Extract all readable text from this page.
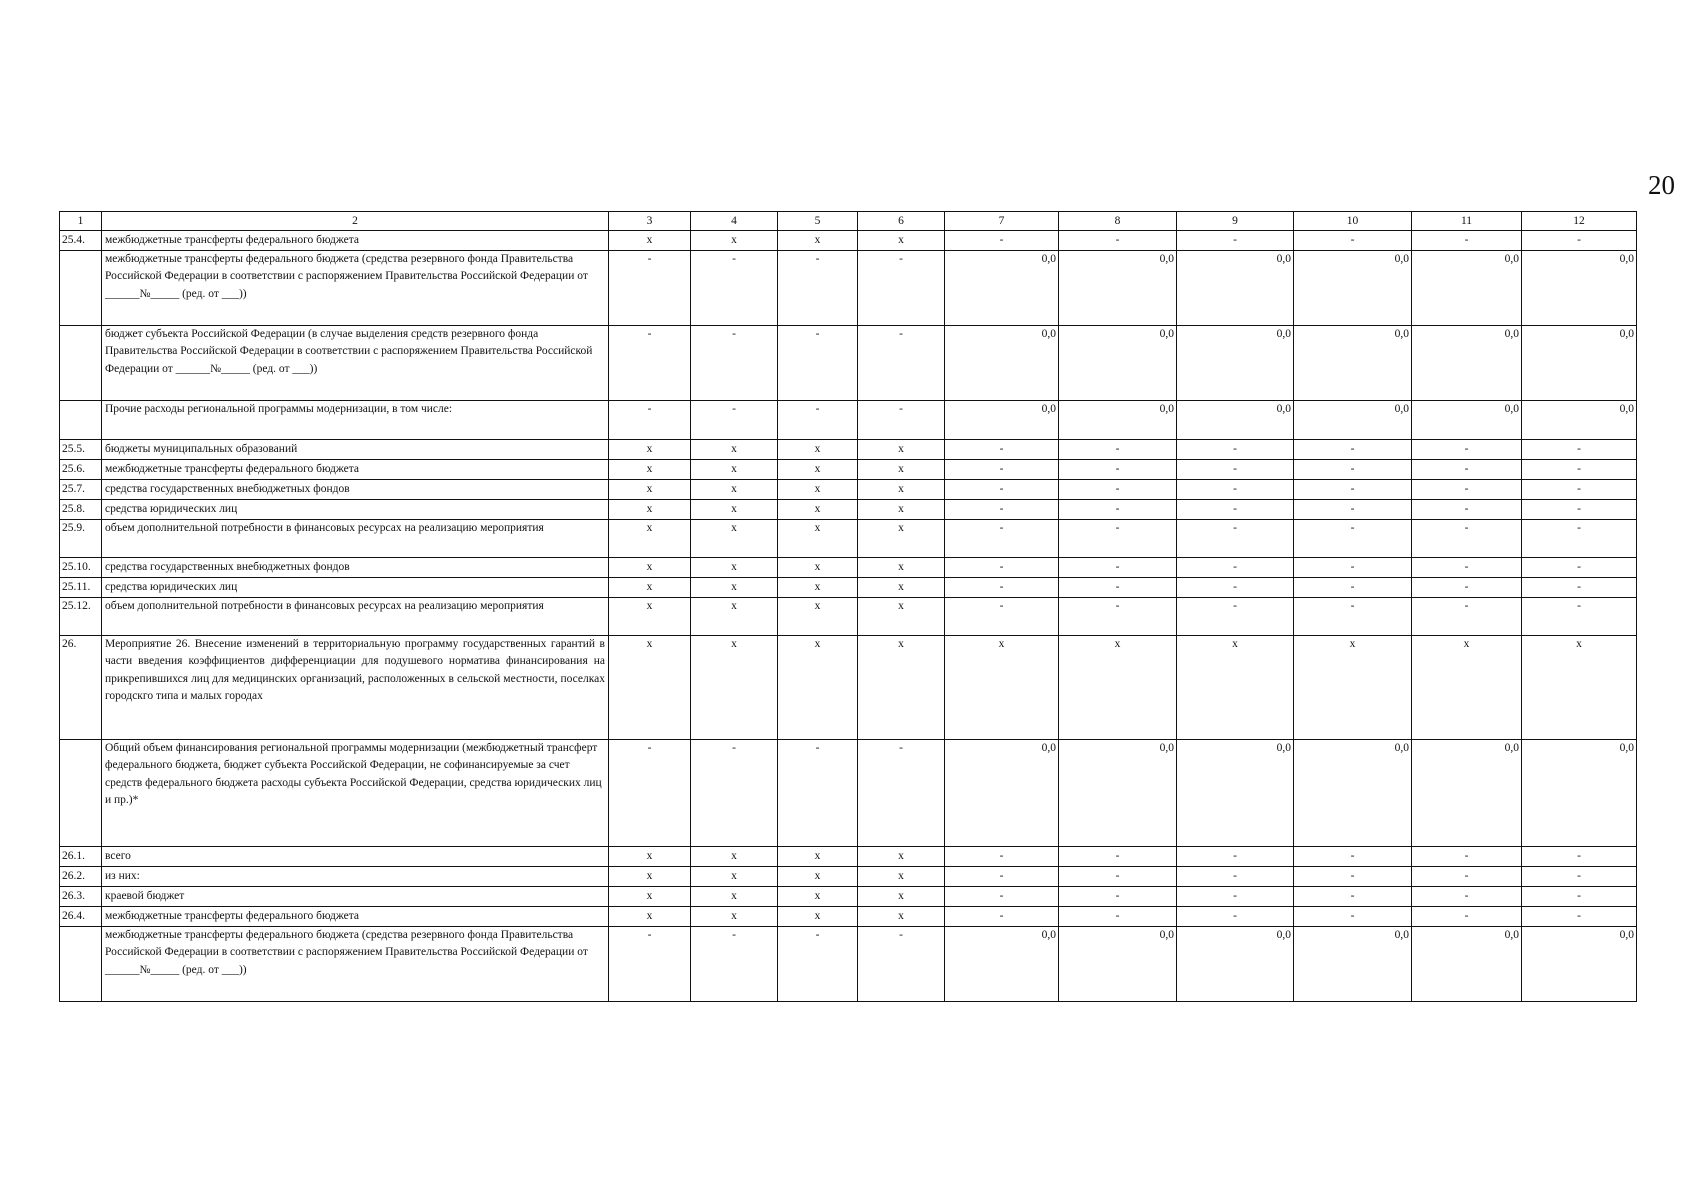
20
1	2	3	4	5	6	7	8	9	10	11	12
25.4.	межбюджетные трансферты федерального бюджета	x	x	x	x	-	-	-	-	-	-
	межбюджетные трансферты федерального бюджета (средства резервного фонда Правительства Российской Федерации в соответствии с распоряжением Правительства Российской Федерации от ______№_____ (ред. от ___))	-	-	-	-	0,0	0,0	0,0	0,0	0,0	0,0
	бюджет субъекта Российской Федерации (в случае выделения средств резервного фонда Правительства Российской Федерации в соответствии с распоряжением Правительства Российской Федерации от ______№_____ (ред. от ___))	-	-	-	-	0,0	0,0	0,0	0,0	0,0	0,0
	Прочие расходы региональной программы модернизации, в том числе:	-	-	-	-	0,0	0,0	0,0	0,0	0,0	0,0
25.5.	бюджеты муниципальных образований	x	x	x	x	-	-	-	-	-	-
25.6.	межбюджетные трансферты федерального бюджета	x	x	x	x	-	-	-	-	-	-
25.7.	средства государственных внебюджетных фондов	x	x	x	x	-	-	-	-	-	-
25.8.	средства юридических лиц	x	x	x	x	-	-	-	-	-	-
25.9.	объем дополнительной потребности в финансовых ресурсах на реализацию мероприятия	x	x	x	x	-	-	-	-	-	-
25.10.	средства государственных внебюджетных фондов	x	x	x	x	-	-	-	-	-	-
25.11.	средства юридических лиц	x	x	x	x	-	-	-	-	-	-
25.12.	объем дополнительной потребности в финансовых ресурсах на реализацию мероприятия	x	x	x	x	-	-	-	-	-	-
26.	Мероприятие 26. Внесение изменений в территориальную программу государственных гарантий в части введения коэффициентов дифференциации для подушевого норматива финансирования на прикрепившихся лиц для медицинских организаций, расположенных в сельской местности, поселках городскго типа и малых городах	x	x	x	x	x	x	x	x	x	x
	Общий объем финансирования региональной программы модернизации (межбюджетный трансферт федерального бюджета, бюджет субъекта Российской Федерации, не софинансируемые за счет средств федерального бюджета расходы субъекта Российской Федерации, средства юридических лиц и пр.)*	-	-	-	-	0,0	0,0	0,0	0,0	0,0	0,0
26.1.	всего	x	x	x	x	-	-	-	-	-	-
26.2.	из них:	x	x	x	x	-	-	-	-	-	-
26.3.	краевой бюджет	x	x	x	x	-	-	-	-	-	-
26.4.	межбюджетные трансферты федерального бюджета	x	x	x	x	-	-	-	-	-	-
	межбюджетные трансферты федерального бюджета (средства резервного фонда Правительства Российской Федерации в соответствии с распоряжением Правительства Российской Федерации от ______№_____ (ред. от ___))	-	-	-	-	0,0	0,0	0,0	0,0	0,0	0,0
